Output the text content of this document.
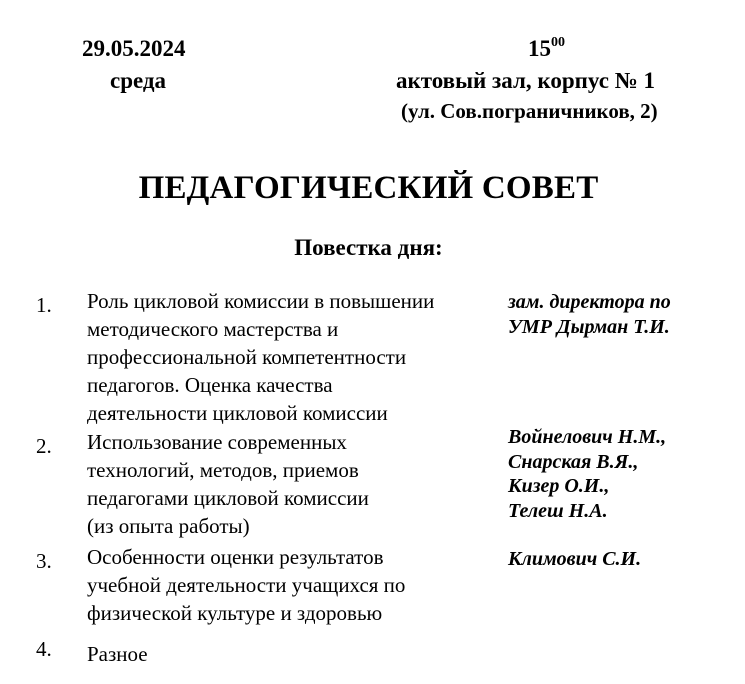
29.05.2024
среда
$15^{00}$
актовый зал, корпус № 1
(ул. Сов.пограничников, 2)
ПЕДАГОГИЧЕСКИЙ СОВЕТ
Повестка дня:
1. Роль цикловой комиссии в повышении
методического мастерства и
профессиональной компетентности
педагогов. Оценка качества
деятельности цикловой комиссии
зам. директора по
УМР Дырман Т.И.
2. Использование современных
технологий, методов, приемов
педагогами цикловой комиссии
(из опыта работы)
Войнелович Н.М.,
Снарская В.Я.,
Кизер О.И.,
Телеш Н.А.
3. Особенности оценки результатов
учебной деятельности учащихся по
физической культуре и здоровью
Климович С.И.
4. Разное
